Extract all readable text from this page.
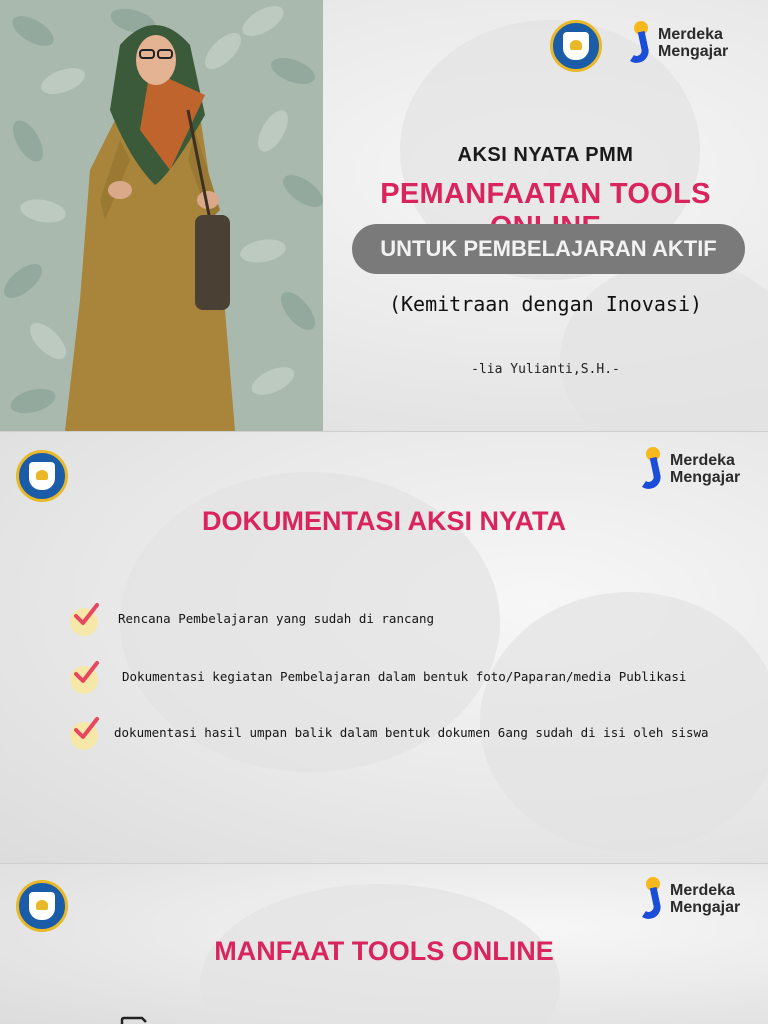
Merdeka
Mengajar
AKSI NYATA PMM
PEMANFAATAN TOOLS
UNTUK PEMBELAJARAN AKTIF
(Kemitraan dengan Inovasi)
-lia Yulianti,S.H.-
Merdeka
Mengajar
DOKUMENTASI AKSI NYATA
Rencana Pembelajaran yang sudah di rancang
Dokumentasi kegiatan Pembelajaran dalam bentuk foto/Paparan/media Publikasi
dokumentasi hasil umpan balik dalam bentuk dokumen 6ang sudah di isi oleh siswa
Merdeka
Mengajar
MANFAAT TOOLS ONLINE
